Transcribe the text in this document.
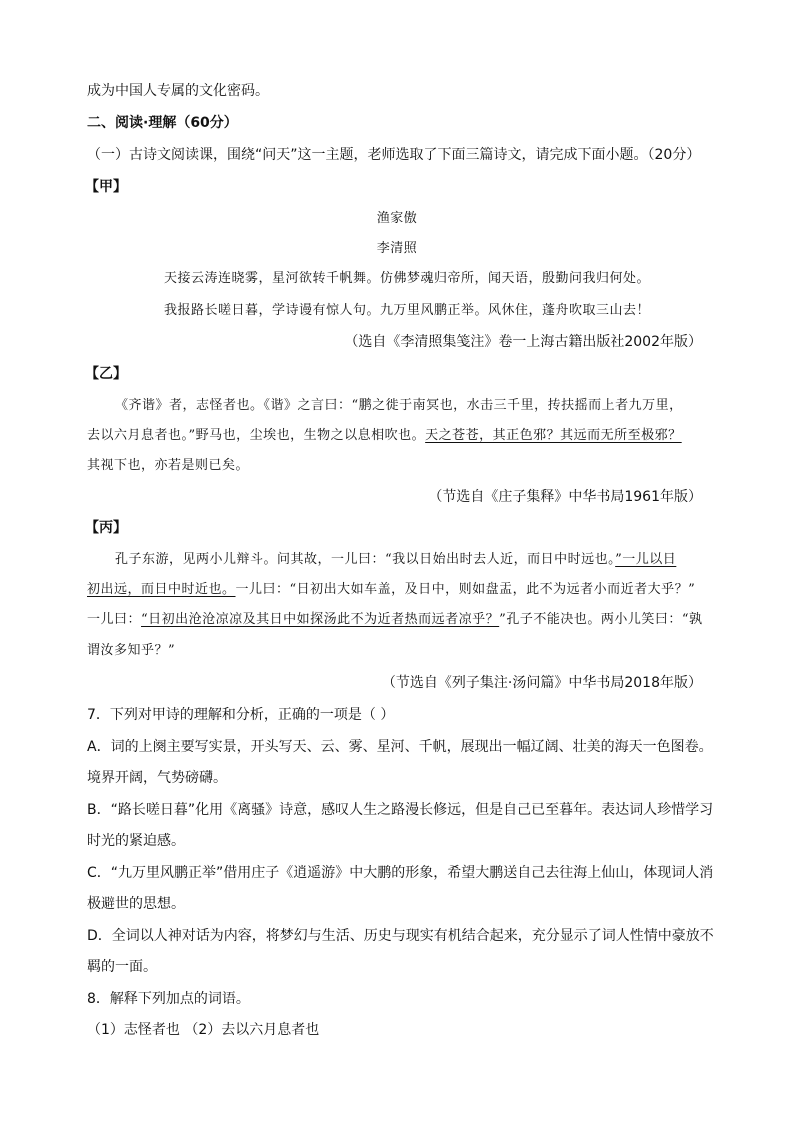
成为中国人专属的文化密码。
二、阅读·理解（60分）
（一）古诗文阅读课，围绕“问天”这一主题，老师选取了下面三篇诗文，请完成下面小题。（20分）
【甲】
渔家傲
李清照
天接云涛连晓雾，星河欲转千帆舞。仿佛梦魂归帝所，闻天语，殷勤问我归何处。
我报路长嗟日暮，学诗谩有惊人句。九万里风鹏正举。风休住，蓬舟吹取三山去！
（选自《李清照集笺注》卷一上海古籍出版社2002年版）
【乙】
《齐谐》者，志怪者也。《谐》之言曰：“鹏之徙于南冥也，水击三千里，抟扶摇而上者九万里，
去以六月息者也。”野马也，尘埃也，生物之以息相吹也。天之苍苍，其正色邪？其远而无所至极邪？
其视下也，亦若是则已矣。
（节选自《庄子集释》中华书局1961年版）
【丙】
孔子东游，见两小儿辩斗。问其故，一儿曰：“我以日始出时去人近，而日中时远也。”一儿以日
初出远，而日中时近也。一儿曰：“日初出大如车盖，及日中，则如盘盂，此不为远者小而近者大乎？”
一儿曰：“日初出沧沧凉凉及其日中如探汤此不为近者热而远者凉乎？”孔子不能决也。两小儿笑曰：“孰
谓汝多知乎？”
（节选自《列子集注·汤问篇》中华书局2018年版）
7．下列对甲诗的理解和分析，正确的一项是（ ）
A．词的上阕主要写实景，开头写天、云、雾、星河、千帆，展现出一幅辽阔、壮美的海天一色图卷。
境界开阔，气势磅礴。
B．“路长嗟日暮”化用《离骚》诗意，感叹人生之路漫长修远，但是自己已至暮年。表达词人珍惜学习
时光的紧迫感。
C．“九万里风鹏正举”借用庄子《逍遥游》中大鹏的形象，希望大鹏送自己去往海上仙山，体现词人消
极避世的思想。
D．全词以人神对话为内容，将梦幻与生活、历史与现实有机结合起来，充分显示了词人性情中豪放不
羁的一面。
8．解释下列加点的词语。
（1）志怪者也 （2）去以六月息者也
